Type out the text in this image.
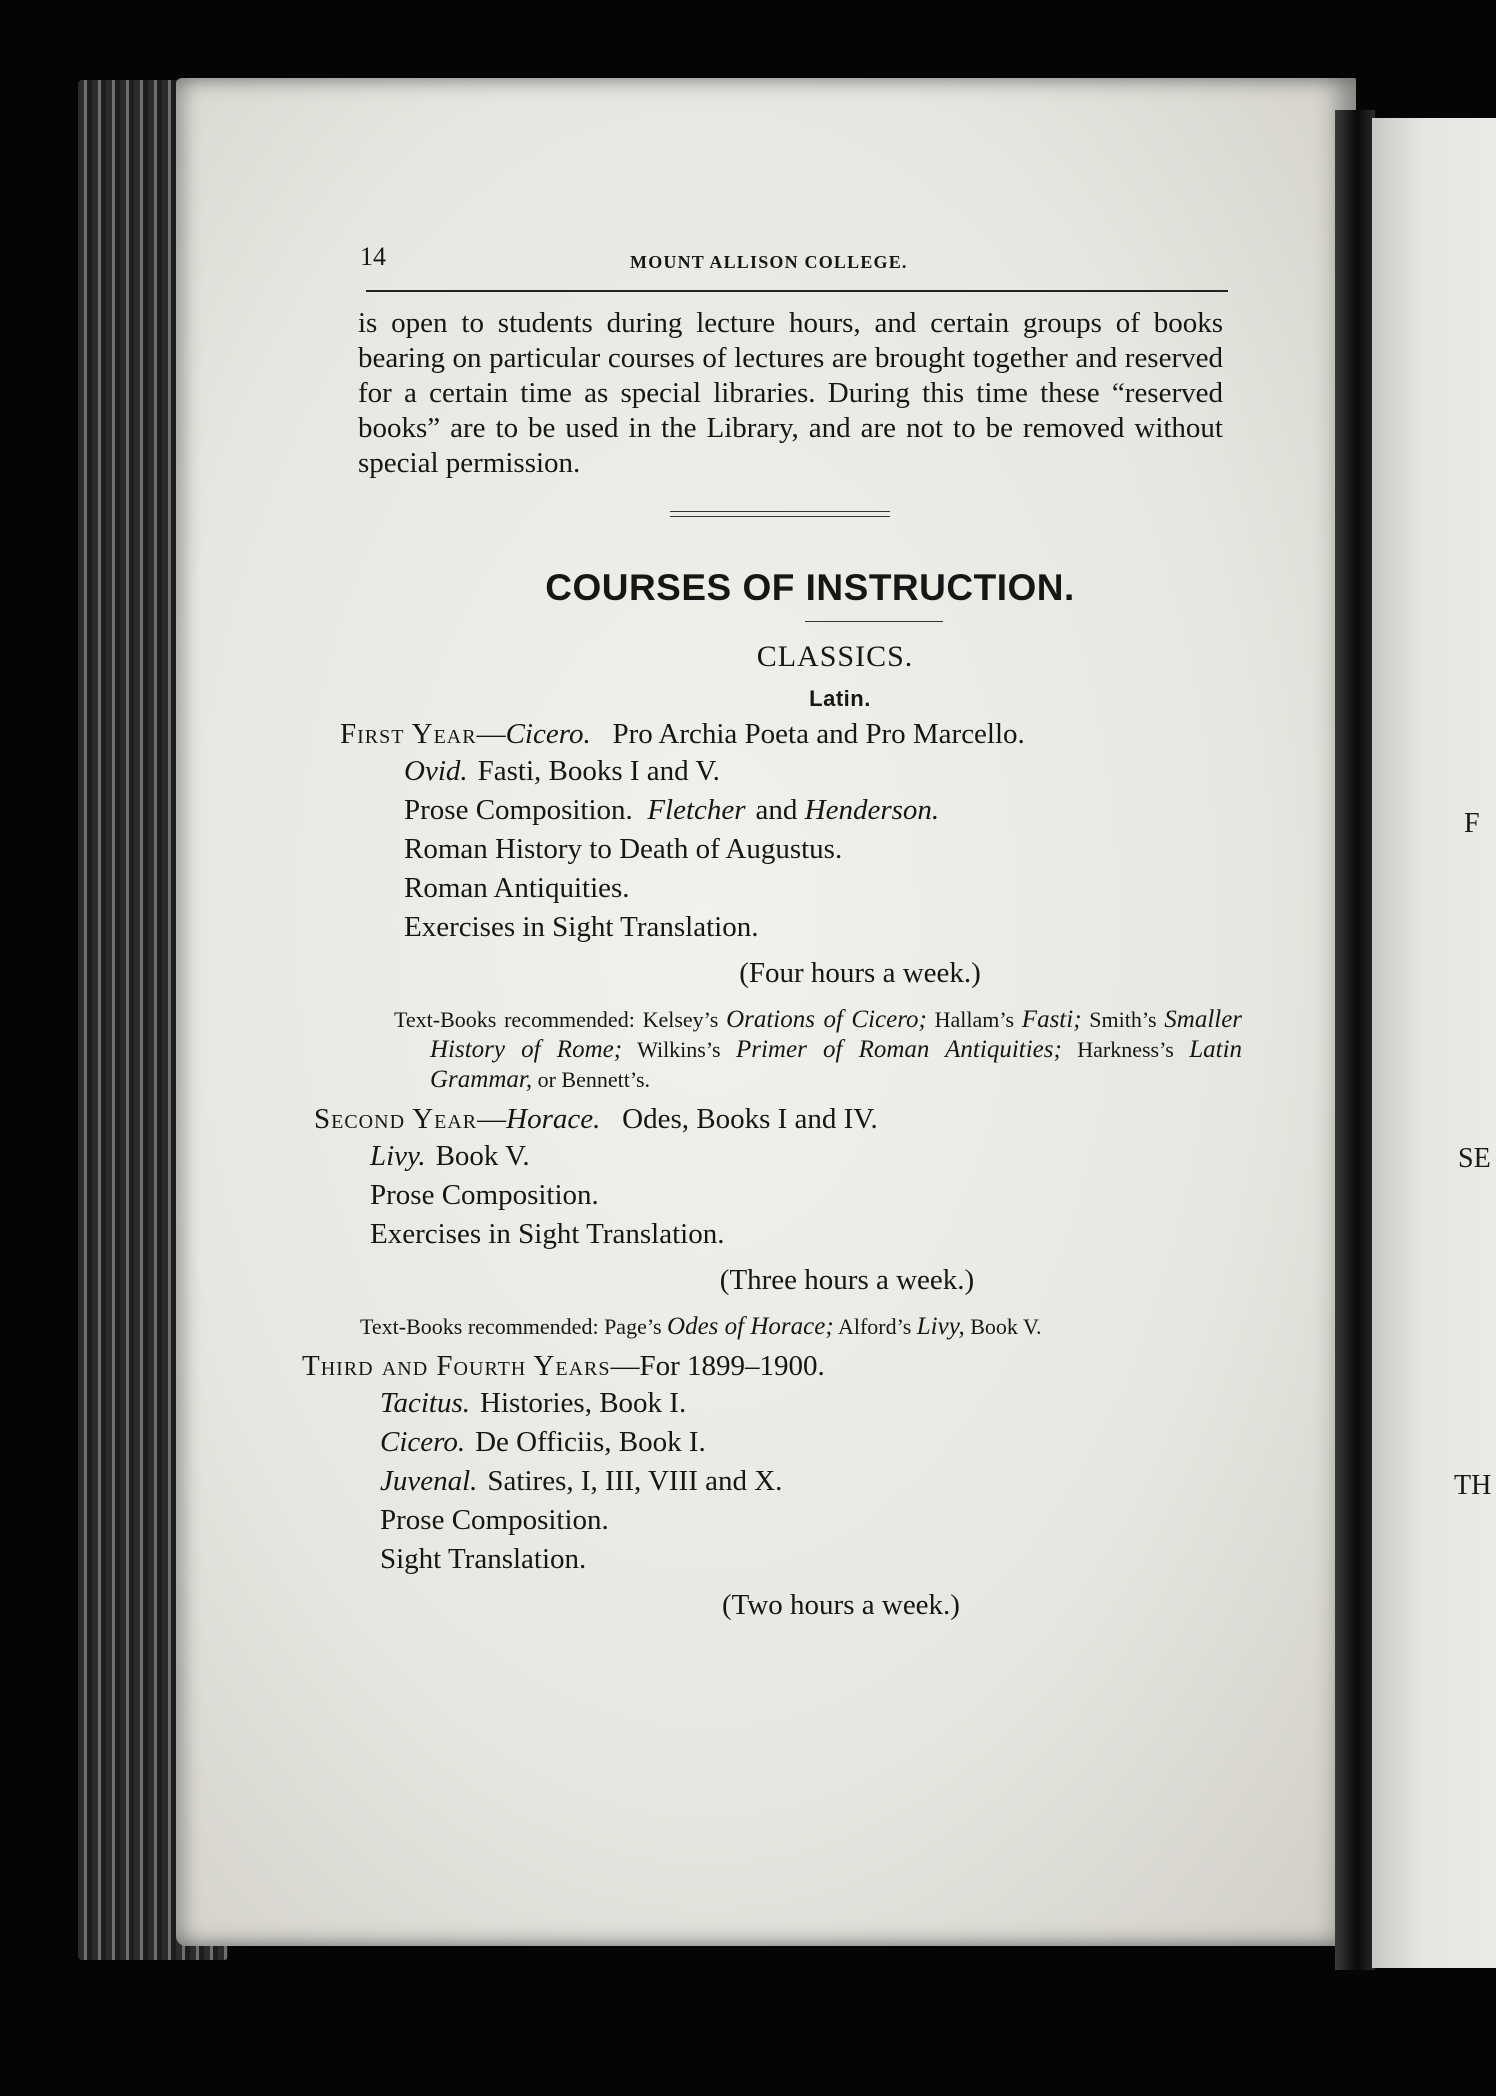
F
SE
TH
14	MOUNT ALLISON COLLEGE.

is open to students during lecture hours, and certain groups of books bearing on particular courses of lectures are brought together and reserved for a certain time as special libraries. During this time these “reserved books” are to be used in the Library, and are not to be removed without special permission.

COURSES OF INSTRUCTION.
CLASSICS.
Latin.
First Year—Cicero. Pro Archia Poeta and Pro Marcello.
Ovid. Fasti, Books I and V.
Prose Composition. Fletcher and Henderson.
Roman History to Death of Augustus.
Roman Antiquities.
Exercises in Sight Translation.
(Four hours a week.)
Text-Books recommended: Kelsey’s Orations of Cicero; Hallam’s Fasti; Smith’s Smaller History of Rome; Wilkins’s Primer of Roman Antiquities; Harkness’s Latin Grammar, or Bennett’s.
Second Year—Horace. Odes, Books I and IV.
Livy. Book V.
Prose Composition.
Exercises in Sight Translation.
(Three hours a week.)
Text-Books recommended: Page’s Odes of Horace; Alford’s Livy, Book V.
Third and Fourth Years—For 1899–1900.
Tacitus. Histories, Book I.
Cicero. De Officiis, Book I.
Juvenal. Satires, I, III, VIII and X.
Prose Composition.
Sight Translation.
(Two hours a week.)
